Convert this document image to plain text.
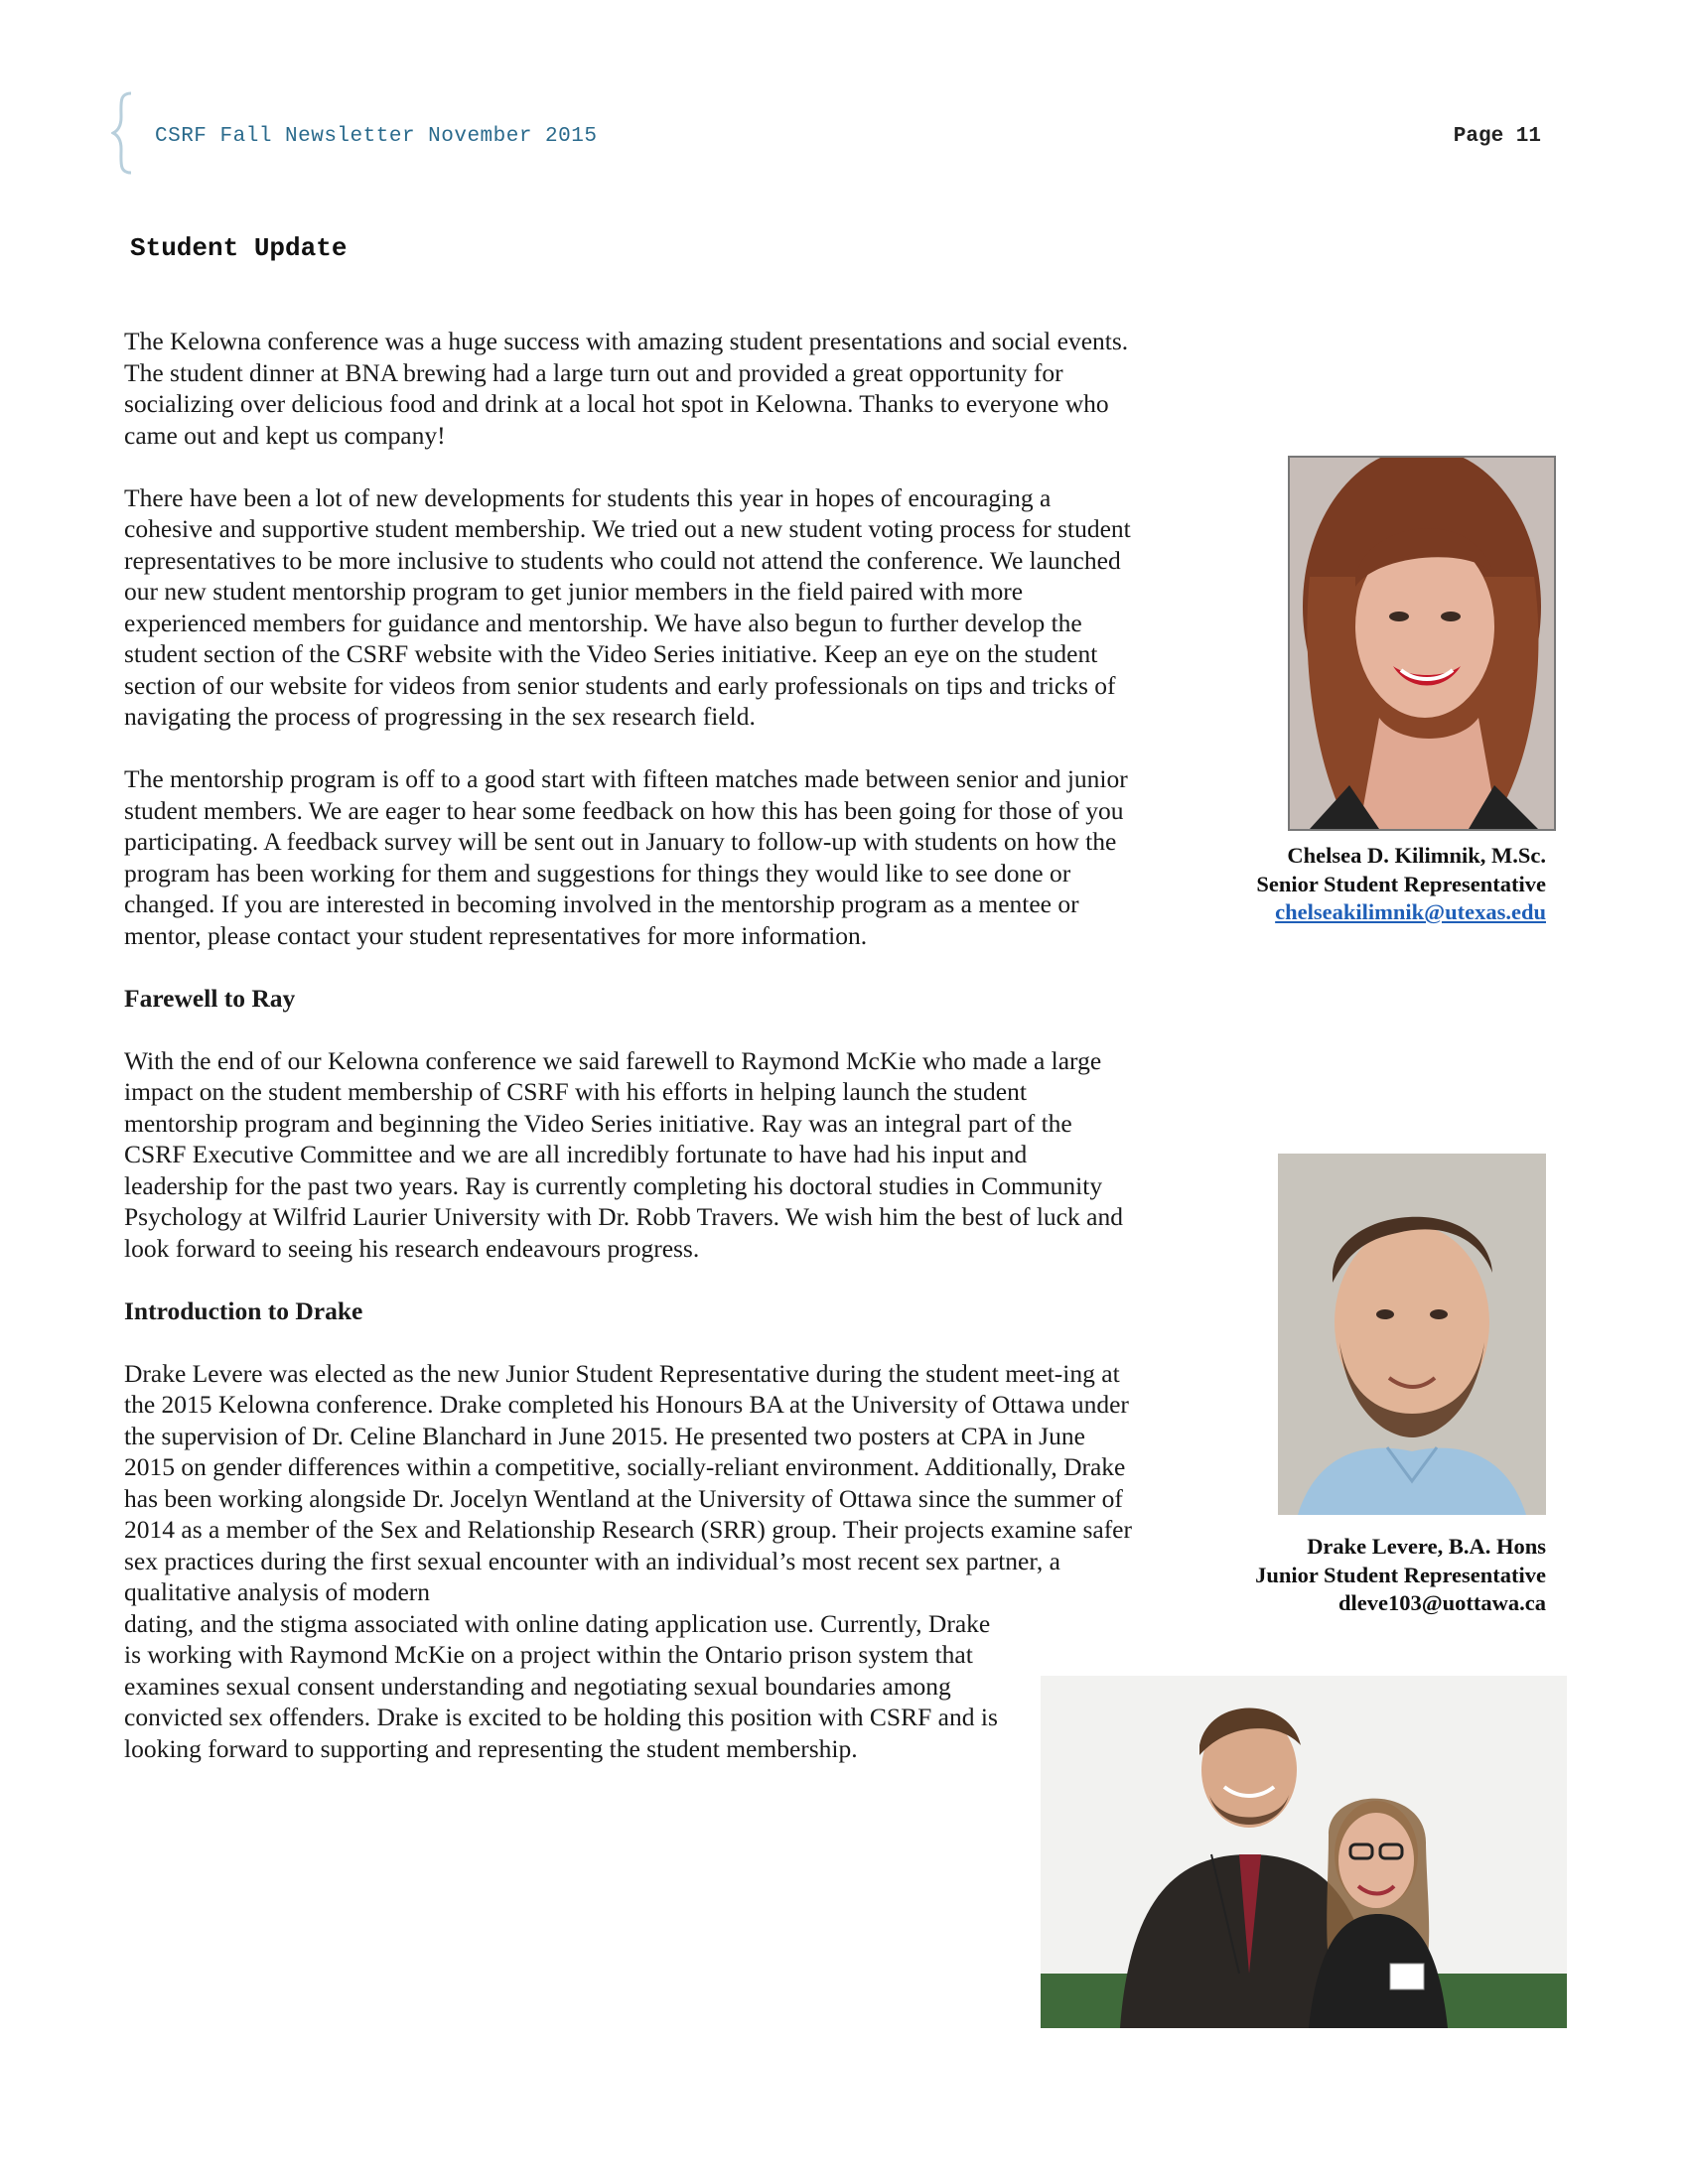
CSRF Fall Newsletter November 2015	Page 11
Student Update

The Kelowna conference was a huge success with amazing student presentations and social events. The student dinner at BNA brewing had a large turn out and provided a great opportunity for socializing over delicious food and drink at a local hot spot in Kelowna. Thanks to everyone who came out and kept us company!

There have been a lot of new developments for students this year in hopes of encouraging a cohesive and supportive student membership. We tried out a new student voting process for student representatives to be more inclusive to students who could not attend the conference. We launched our new student mentorship program to get junior members in the field paired with more experienced members for guidance and mentorship. We have also begun to further develop the student section of the CSRF website with the Video Series initiative. Keep an eye on the student section of our website for videos from senior students and early professionals on tips and tricks of navigating the process of progressing in the sex research field.

The mentorship program is off to a good start with fifteen matches made between senior and junior student members. We are eager to hear some feedback on how this has been going for those of you participating. A feedback survey will be sent out in January to follow-up with students on how the program has been working for them and suggestions for things they would like to see done or changed. If you are interested in becoming involved in the mentorship program as a mentee or mentor, please contact your student representatives for more information.

Farewell to Ray

With the end of our Kelowna conference we said farewell to Raymond McKie who made a large impact on the student membership of CSRF with his efforts in helping launch the student mentorship program and beginning the Video Series initiative. Ray was an integral part of the CSRF Executive Committee and we are all incredibly fortunate to have had his input and leadership for the past two years. Ray is currently completing his doctoral studies in Community Psychology at Wilfrid Laurier University with Dr. Robb Travers. We wish him the best of luck and look forward to seeing his research endeavours progress.

Introduction to Drake

Drake Levere was elected as the new Junior Student Representative during the student meet-ing at the 2015 Kelowna conference. Drake completed his Honours BA at the University of Ottawa under the supervision of Dr. Celine Blanchard in June 2015. He presented two posters at CPA in June 2015 on gender differences within a competitive, socially-reliant environment. Additionally, Drake has been working alongside Dr. Jocelyn Wentland at the University of Ottawa since the summer of 2014 as a member of the Sex and Relationship Research (SRR) group. Their projects examine safer sex practices during the first sexual encounter with an individual’s most recent sex partner, a qualitative analysis of modern
dating, and the stigma associated with online dating application use. Currently, Drake is working with Raymond McKie on a project within the Ontario prison system that examines sexual consent understanding and negotiating sexual boundaries among convicted sex offenders. Drake is excited to be holding this position with CSRF and is looking forward to supporting and representing the student membership.

Chelsea D. Kilimnik, M.Sc.
Senior Student Representative
chelseakilimnik@utexas.edu
Drake Levere, B.A. Hons
Junior Student Representative
dleve103@uottawa.ca
